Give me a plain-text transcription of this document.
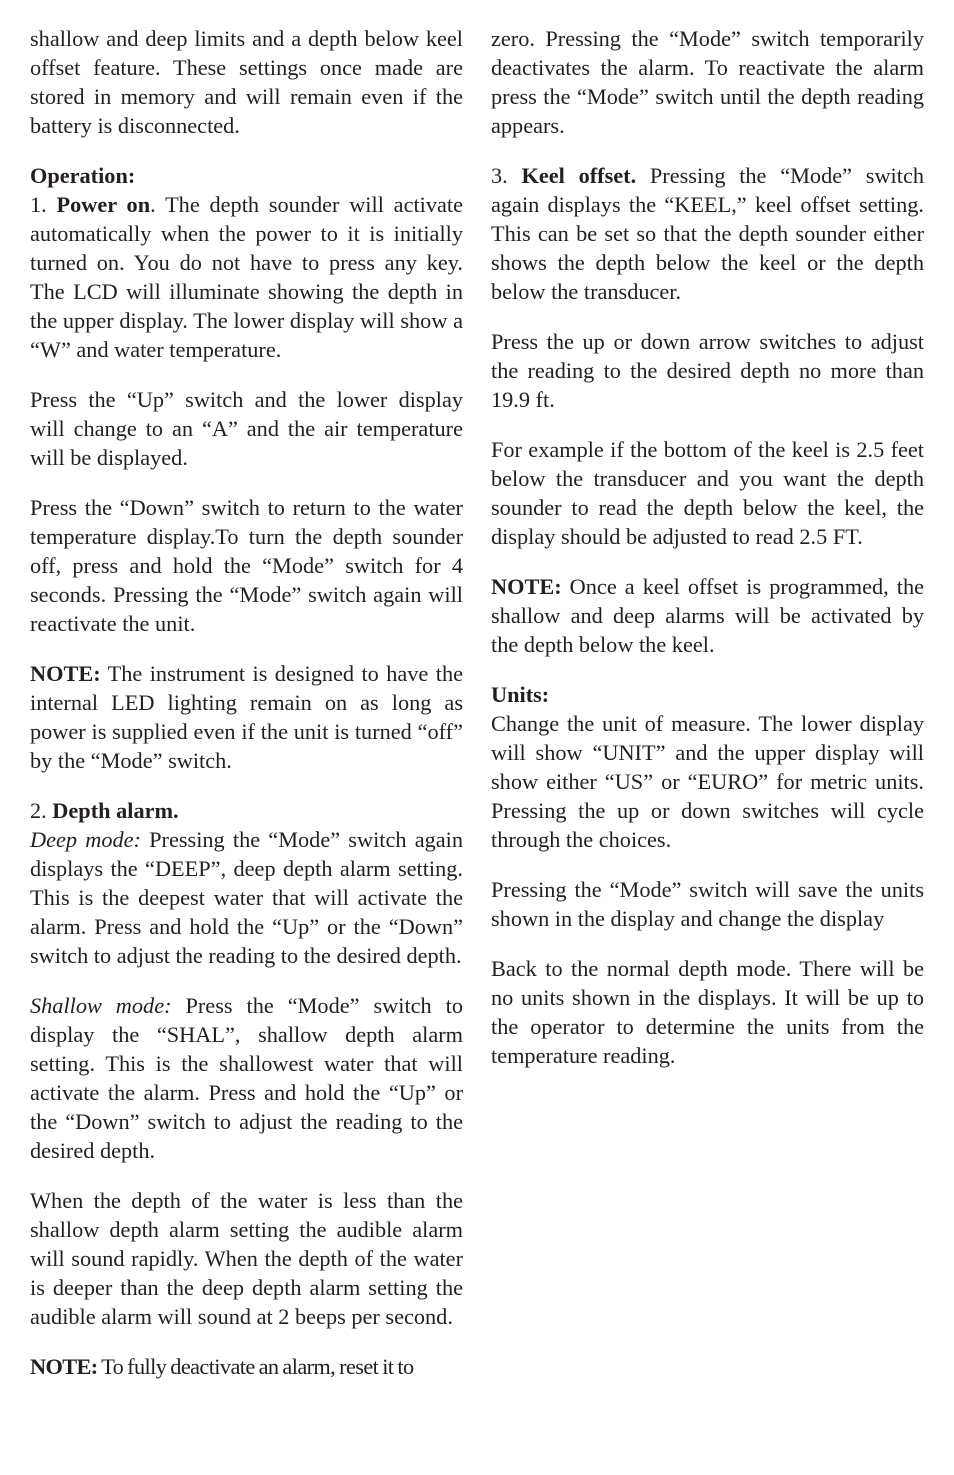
shallow and deep limits and a depth below keel offset feature. These settings once made are stored in memory and will remain even if the battery is disconnected.

Operation:

1. Power on. The depth sounder will activate automatically when the power to it is initially turned on. You do not have to press any key. The LCD will illuminate showing the depth in the upper display. The lower display will show a “W” and water temperature.

Press the “Up” switch and the lower display will change to an “A” and the air temperature will be displayed.

Press the “Down” switch to return to the water temperature display.To turn the depth sounder off, press and hold the “Mode” switch for 4 seconds. Pressing the “Mode” switch again will reactivate the unit.

NOTE: The instrument is designed to have the internal LED lighting remain on as long as power is supplied even if the unit is turned “off” by the “Mode” switch.

2. Depth alarm.

Deep mode: Pressing the “Mode” switch again displays the “DEEP”, deep depth alarm setting. This is the deepest water that will activate the alarm. Press and hold the “Up” or the “Down” switch to adjust the reading to the desired depth.

Shallow mode: Press the “Mode” switch to display the “SHAL”, shallow depth alarm setting. This is the shallowest water that will activate the alarm. Press and hold the “Up” or the “Down” switch to adjust the reading to the desired depth.

When the depth of the water is less than the shallow depth alarm setting the audible alarm will sound rapidly. When the depth of the water is deeper than the deep depth alarm setting the audible alarm will sound at 2 beeps per second.

NOTE: To fully deactivate an alarm, reset it to

zero. Pressing the “Mode” switch temporarily deactivates the alarm. To reactivate the alarm press the “Mode” switch until the depth reading appears.

3. Keel offset. Pressing the “Mode” switch again displays the “KEEL,” keel offset setting. This can be set so that the depth sounder either shows the depth below the keel or the depth below the transducer.

Press the up or down arrow switches to adjust the reading to the desired depth no more than 19.9 ft.

For example if the bottom of the keel is 2.5 feet below the transducer and you want the depth sounder to read the depth below the keel, the display should be adjusted to read 2.5 FT.

NOTE: Once a keel offset is programmed, the shallow and deep alarms will be activated by the depth below the keel.

Units:

Change the unit of measure. The lower display will show “UNIT” and the upper display will show either “US” or “EURO” for metric units. Pressing the up or down switches will cycle through the choices.

Pressing the “Mode” switch will save the units shown in the display and change the display

Back to the normal depth mode. There will be no units shown in the displays. It will be up to the operator to determine the units from the temperature reading.
